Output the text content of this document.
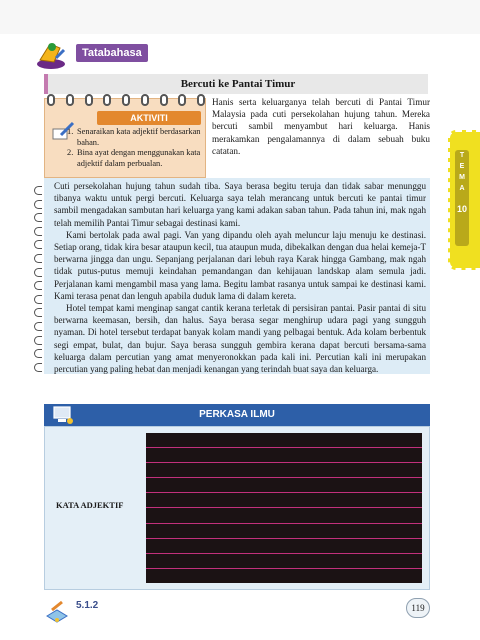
Tatabahasa
Bercuti ke Pantai Timur
AKTIVITI
1. Senaraikan kata adjektif berdasarkan bahan.
2. Bina ayat dengan menggunakan kata adjektif dalam perbualan.

Hanis serta keluarganya telah bercuti di Pantai Timur Malaysia pada cuti persekolahan hujung tahun. Mereka bercuti sambil menyambut hari keluarga. Hanis merakamkan pengalamannya di dalam sebuah buku catatan.	T
E
M
A
10

Cuti persekolahan hujung tahun sudah tiba. Saya berasa begitu teruja dan tidak sabar menunggu tibanya waktu untuk pergi bercuti. Keluarga saya telah merancang untuk bercuti ke pantai timur sambil mengadakan sambutan hari keluarga yang kami adakan saban tahun. Pada tahun ini, mak ngah telah memilih Pantai Timur sebagai destinasi kami.

Kami bertolak pada awal pagi. Van yang dipandu oleh ayah meluncur laju menuju ke destinasi. Setiap orang, tidak kira besar ataupun kecil, tua ataupun muda, dibekalkan dengan dua helai kemeja-T berwarna jingga dan ungu. Sepanjang perjalanan dari lebuh raya Karak hingga Gambang, mak ngah tidak putus-putus memuji keindahan pemandangan dan kehijauan landskap alam semula jadi. Perjalanan kami mengambil masa yang lama. Begitu lambat rasanya untuk sampai ke destinasi kami. Kami terasa penat dan lenguh apabila duduk lama di dalam kereta.

Hotel tempat kami menginap sangat cantik kerana terletak di persisiran pantai. Pasir pantai di situ berwarna keemasan, bersih, dan halus. Saya berasa segar menghirup udara pagi yang sungguh nyaman. Di hotel tersebut terdapat banyak kolam mandi yang pelbagai bentuk. Ada kolam berbentuk segi empat, bulat, dan bujur. Saya berasa sungguh gembira kerana dapat bercuti bersama-sama keluarga dalam percutian yang amat menyeronokkan pada kali ini. Percutian kali ini merupakan percutian yang paling hebat dan menjadi kenangan yang terindah buat saya dan keluarga.

PERKASA ILMU
KATA ADJEKTIF
5.1.2	119
